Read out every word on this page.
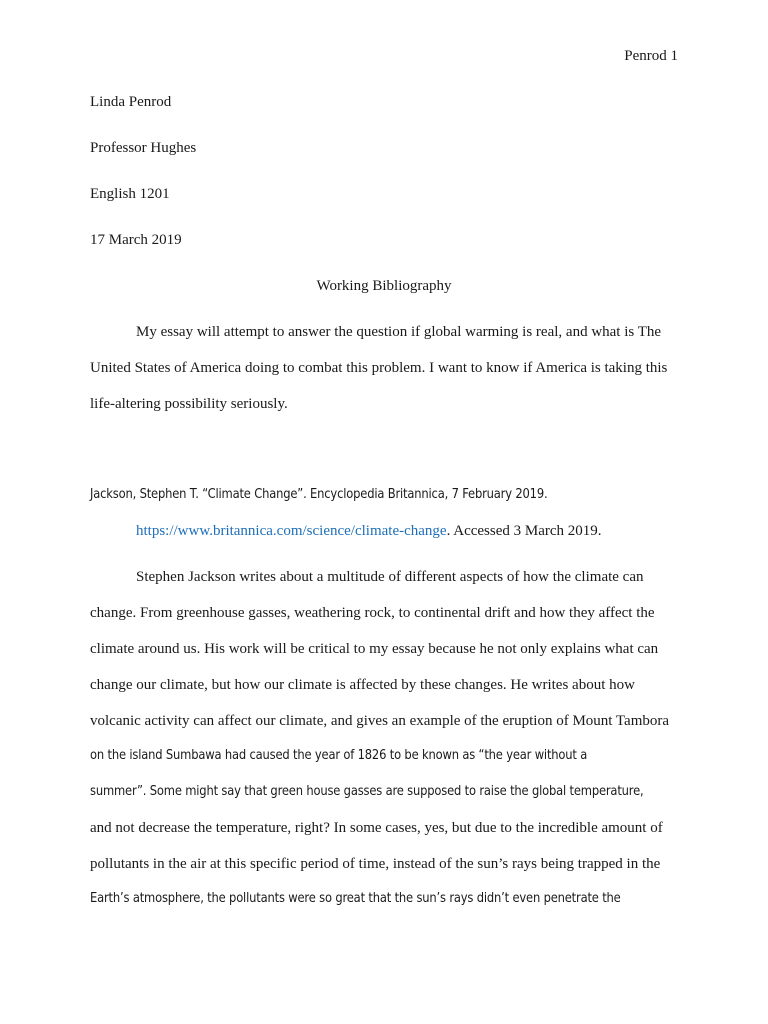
Penrod 1
Linda Penrod
Professor Hughes
English 1201
17 March 2019
Working Bibliography
My essay will attempt to answer the question if global warming is real, and what is The
United States of America doing to combat this problem. I want to know if America is taking this
life-altering possibility seriously.
Jackson, Stephen T. “Climate Change”. Encyclopedia Britannica, 7 February 2019.
https://www.britannica.com/science/climate-change. Accessed 3 March 2019.
Stephen Jackson writes about a multitude of different aspects of how the climate can
change. From greenhouse gasses, weathering rock, to continental drift and how they affect the
climate around us. His work will be critical to my essay because he not only explains what can
change our climate, but how our climate is affected by these changes. He writes about how
volcanic activity can affect our climate, and gives an example of the eruption of Mount Tambora
on the island Sumbawa had caused the year of 1826 to be known as “the year without a
summer”. Some might say that green house gasses are supposed to raise the global temperature,
and not decrease the temperature, right? In some cases, yes, but due to the incredible amount of
pollutants in the air at this specific period of time, instead of the sun’s rays being trapped in the
Earth’s atmosphere, the pollutants were so great that the sun’s rays didn’t even penetrate the
